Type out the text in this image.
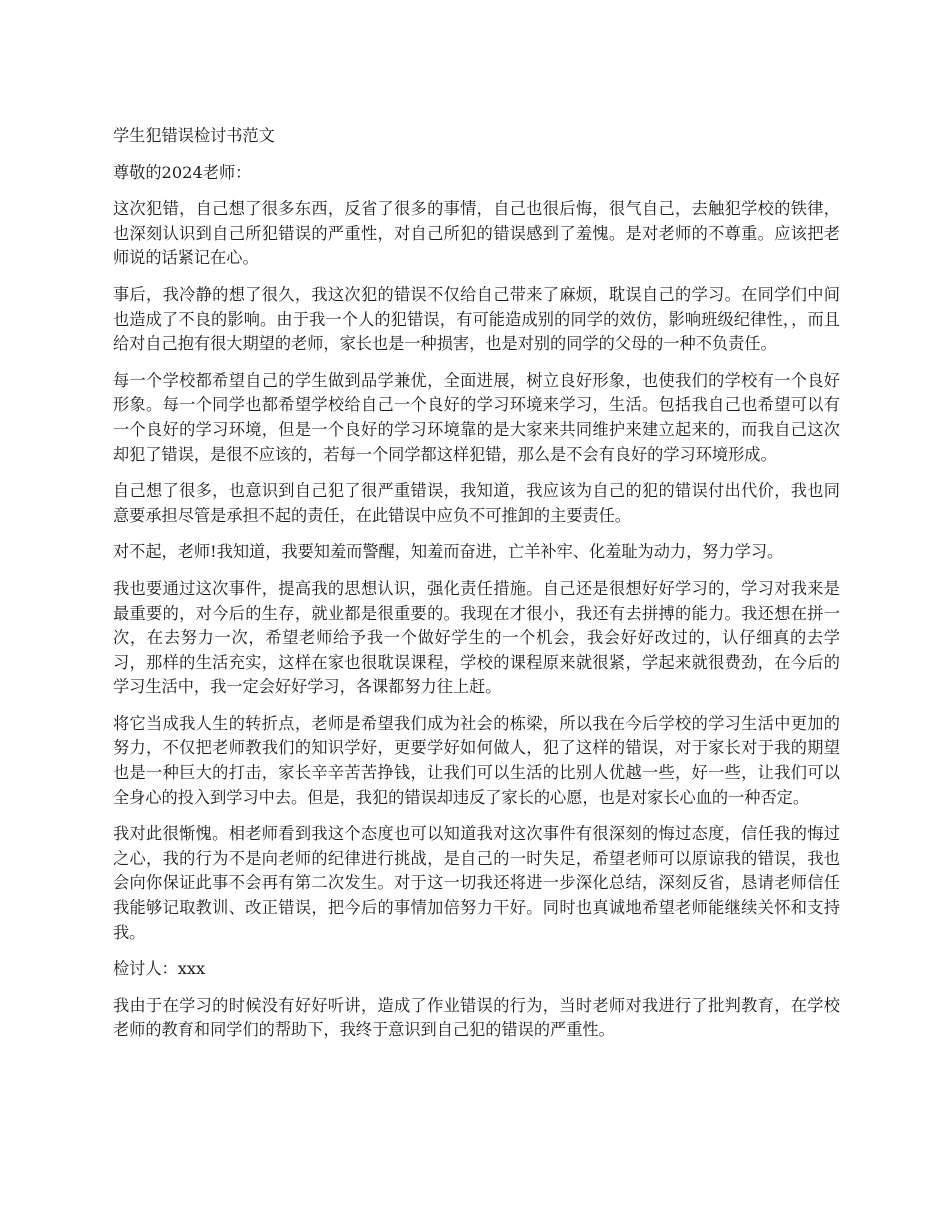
学生犯错误检讨书范文
尊敬的2024老师：

这次犯错，自己想了很多东西，反省了很多的事情，自己也很后悔，很气自己，去触犯学校的铁律，也深刻认识到自己所犯错误的严重性，对自己所犯的错误感到了羞愧。是对老师的不尊重。应该把老师说的话紧记在心。

事后，我冷静的想了很久，我这次犯的错误不仅给自己带来了麻烦，耽误自己的学习。在同学们中间也造成了不良的影响。由于我一个人的犯错误，有可能造成别的同学的效仿，影响班级纪律性，，而且给对自己抱有很大期望的老师，家长也是一种损害，也是对别的同学的父母的一种不负责任。

每一个学校都希望自己的学生做到品学兼优，全面进展，树立良好形象，也使我们的学校有一个良好形象。每一个同学也都希望学校给自己一个良好的学习环境来学习，生活。包括我自己也希望可以有一个良好的学习环境，但是一个良好的学习环境靠的是大家来共同维护来建立起来的，而我自己这次却犯了错误，是很不应该的，若每一个同学都这样犯错，那么是不会有良好的学习环境形成。

自己想了很多，也意识到自己犯了很严重错误，我知道，我应该为自己的犯的错误付出代价，我也同意要承担尽管是承担不起的责任，在此错误中应负不可推卸的主要责任。

对不起，老师!我知道，我要知羞而警醒，知羞而奋进，亡羊补牢、化羞耻为动力，努力学习。

我也要通过这次事件，提高我的思想认识，强化责任措施。自己还是很想好好学习的，学习对我来是最重要的，对今后的生存，就业都是很重要的。我现在才很小，我还有去拼搏的能力。我还想在拼一次，在去努力一次，希望老师给予我一个做好学生的一个机会，我会好好改过的，认仔细真的去学习，那样的生活充实，这样在家也很耽误课程，学校的课程原来就很紧，学起来就很费劲，在今后的学习生活中，我一定会好好学习，各课都努力往上赶。

将它当成我人生的转折点，老师是希望我们成为社会的栋梁，所以我在今后学校的学习生活中更加的努力，不仅把老师教我们的知识学好，更要学好如何做人，犯了这样的错误，对于家长对于我的期望也是一种巨大的打击，家长辛辛苦苦挣钱，让我们可以生活的比别人优越一些，好一些，让我们可以全身心的投入到学习中去。但是，我犯的错误却违反了家长的心愿，也是对家长心血的一种否定。

我对此很惭愧。相老师看到我这个态度也可以知道我对这次事件有很深刻的悔过态度，信任我的悔过之心，我的行为不是向老师的纪律进行挑战，是自己的一时失足，希望老师可以原谅我的错误，我也会向你保证此事不会再有第二次发生。对于这一切我还将进一步深化总结，深刻反省，恳请老师信任我能够记取教训、改正错误，把今后的事情加倍努力干好。同时也真诚地希望老师能继续关怀和支持我。

检讨人：xxx

我由于在学习的时候没有好好听讲，造成了作业错误的行为，当时老师对我进行了批判教育，在学校老师的教育和同学们的帮助下，我终于意识到自己犯的错误的严重性。
